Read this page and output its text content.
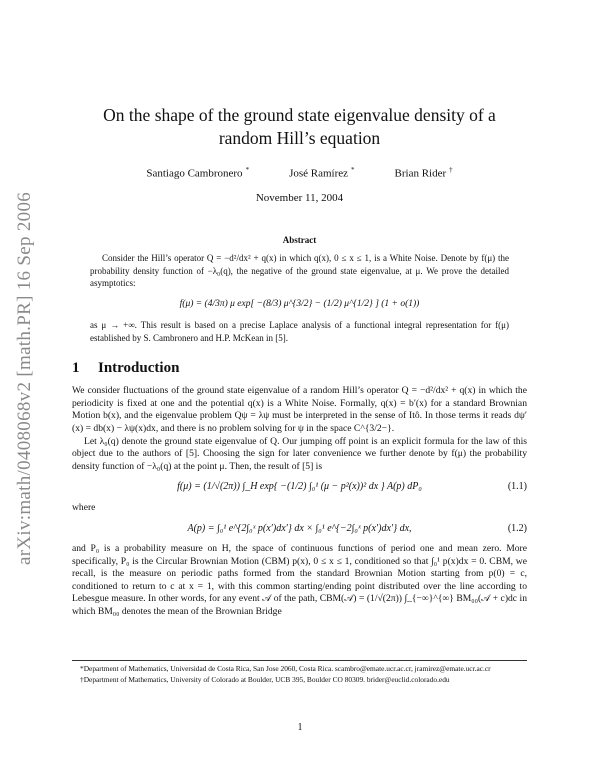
arXiv:math/0408068v2 [math.PR] 16 Sep 2006
On the shape of the ground state eigenvalue density of a random Hill’s equation
Santiago Cambronero *	José Ramírez *	Brian Rider †
November 11, 2004
Abstract

Consider the Hill’s operator Q = −d²/dx² + q(x) in which q(x), 0 ≤ x ≤ 1, is a White Noise. Denote by f(μ) the probability density function of −λ₀(q), the negative of the ground state eigenvalue, at μ. We prove the detailed asymptotics:

f(μ) = (4/3π) μ exp[ −(8/3) μ^{3/2} − (1/2) μ^{1/2} ] (1 + o(1))

as μ → +∞. This result is based on a precise Laplace analysis of a functional integral representation for f(μ) established by S. Cambronero and H.P. McKean in [5].

1 Introduction

We consider fluctuations of the ground state eigenvalue of a random Hill’s operator Q = −d²/dx² + q(x) in which the periodicity is fixed at one and the potential q(x) is a White Noise. Formally, q(x) = b′(x) for a standard Brownian Motion b(x), and the eigenvalue problem Qψ = λψ must be interpreted in the sense of Itô. In those terms it reads dψ′(x) = db(x) − λψ(x)dx, and there is no problem solving for ψ in the space C^{3/2−}.

Let λ₀(q) denote the ground state eigenvalue of Q. Our jumping off point is an explicit formula for the law of this object due to the authors of [5]. Choosing the sign for later convenience we further denote by f(μ) the probability density function of −λ₀(q) at the point μ. Then, the result of [5] is

f(μ) = (1/√(2π)) ∫_H exp{ −(1/2) ∫₀¹ (μ − p²(x))² dx } A(p) dP₀	(1.1)

where

A(p) = ∫₀¹ e^{2∫₀ˣ p(x′)dx′} dx × ∫₀¹ e^{−2∫₀ˣ p(x′)dx′} dx,	(1.2)

and P₀ is a probability measure on H, the space of continuous functions of period one and mean zero. More specifically, P₀ is the Circular Brownian Motion (CBM) p(x), 0 ≤ x ≤ 1, conditioned so that ∫₀¹ p(x)dx = 0. CBM, we recall, is the measure on periodic paths formed from the standard Brownian Motion starting from p(0) = c, conditioned to return to c at x = 1, with this common starting/ending point distributed over the line according to Lebesgue measure. In other words, for any event 𝒜 of the path, CBM(𝒜) = (1/√(2π)) ∫_{−∞}^{∞} BM₀₀(𝒜 + c)dc in which BM₀₀ denotes the mean of the Brownian Bridge

*Department of Mathematics, Universidad de Costa Rica, San Jose 2060, Costa Rica. scambro@emate.ucr.ac.cr, jramirez@emate.ucr.ac.cr

†Department of Mathematics, University of Colorado at Boulder, UCB 395, Boulder CO 80309. brider@euclid.colorado.edu

1
